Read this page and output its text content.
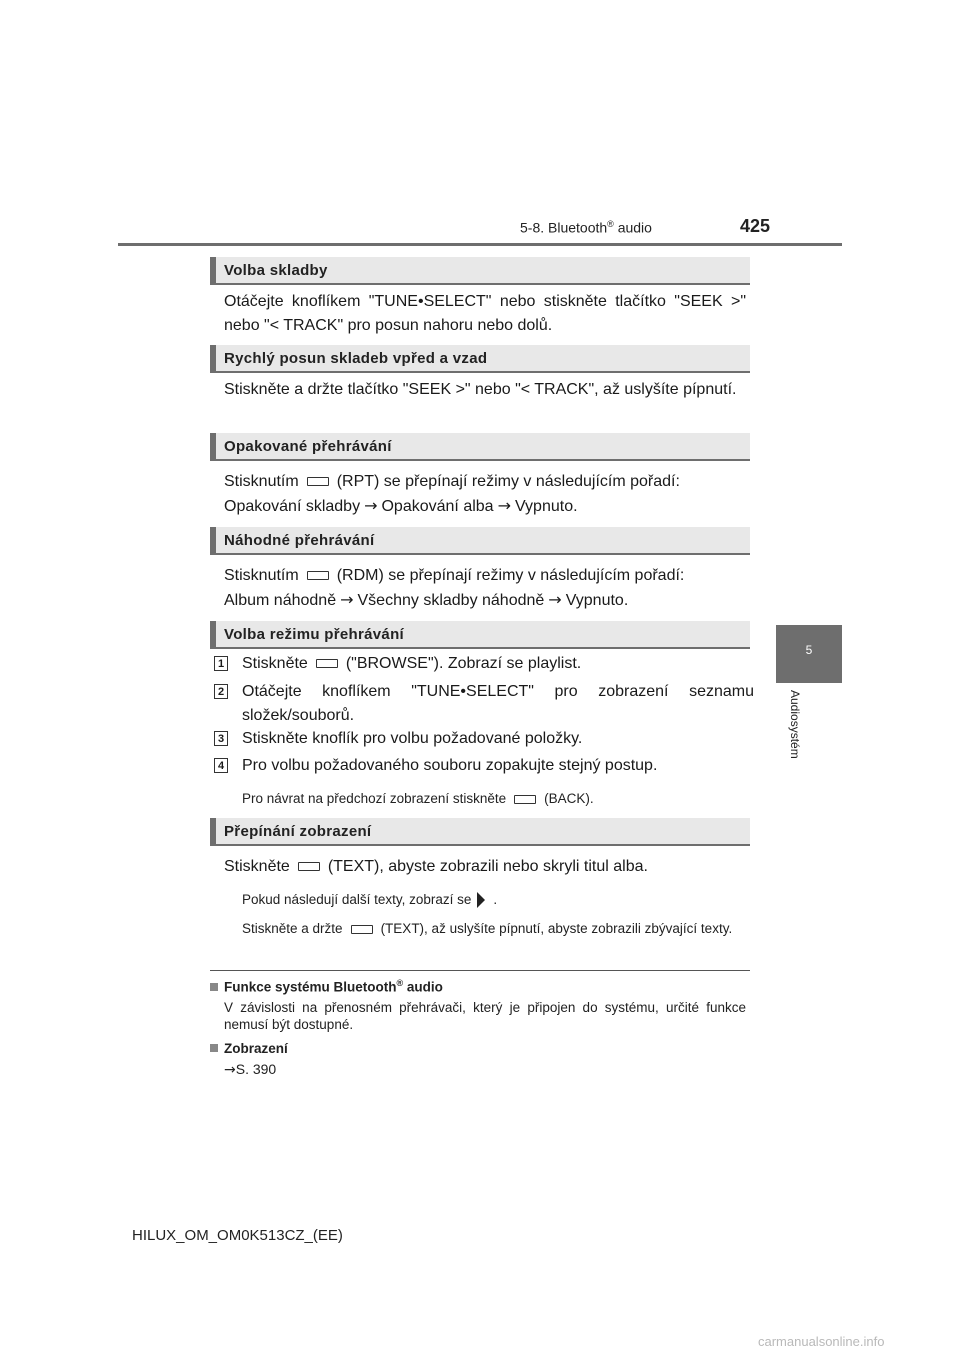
5-8. Bluetooth® audio	425
5
Audiosystém
Volba skladby
Otáčejte knoflíkem "TUNE•SELECT" nebo stiskněte tlačítko "SEEK >" nebo "< TRACK" pro posun nahoru nebo dolů.
Rychlý posun skladeb vpřed a vzad
Stiskněte a držte tlačítko "SEEK >" nebo "< TRACK", až uslyšíte pípnutí.
Opakované přehrávání
Stisknutím (RPT) se přepínají režimy v následujícím pořadí:
Opakování skladby → Opakování alba → Vypnuto.
Náhodné přehrávání
Stisknutím (RDM) se přepínají režimy v následujícím pořadí:
Album náhodně → Všechny skladby náhodně → Vypnuto.
Volba režimu přehrávání
1 Stiskněte ("BROWSE"). Zobrazí se playlist.
2 Otáčejte knoflíkem "TUNE•SELECT" pro zobrazení seznamu složek/souborů.
3 Stiskněte knoflík pro volbu požadované položky.
4 Pro volbu požadovaného souboru zopakujte stejný postup.
Pro návrat na předchozí zobrazení stiskněte	(BACK).
Přepínání zobrazení
Stiskněte (TEXT), abyste zobrazili nebo skryli titul alba.
Pokud následují další texty, zobrazí se .
Stiskněte a držte	(TEXT), až uslyšíte pípnutí, abyste zobrazili zbývající texty.
Funkce systému Bluetooth® audio
V závislosti na přenosném přehrávači, který je připojen do systému, určité funkce nemusí být dostupné.
Zobrazení
→S. 390
HILUX_OM_OM0K513CZ_(EE)
carmanualsonline.info
